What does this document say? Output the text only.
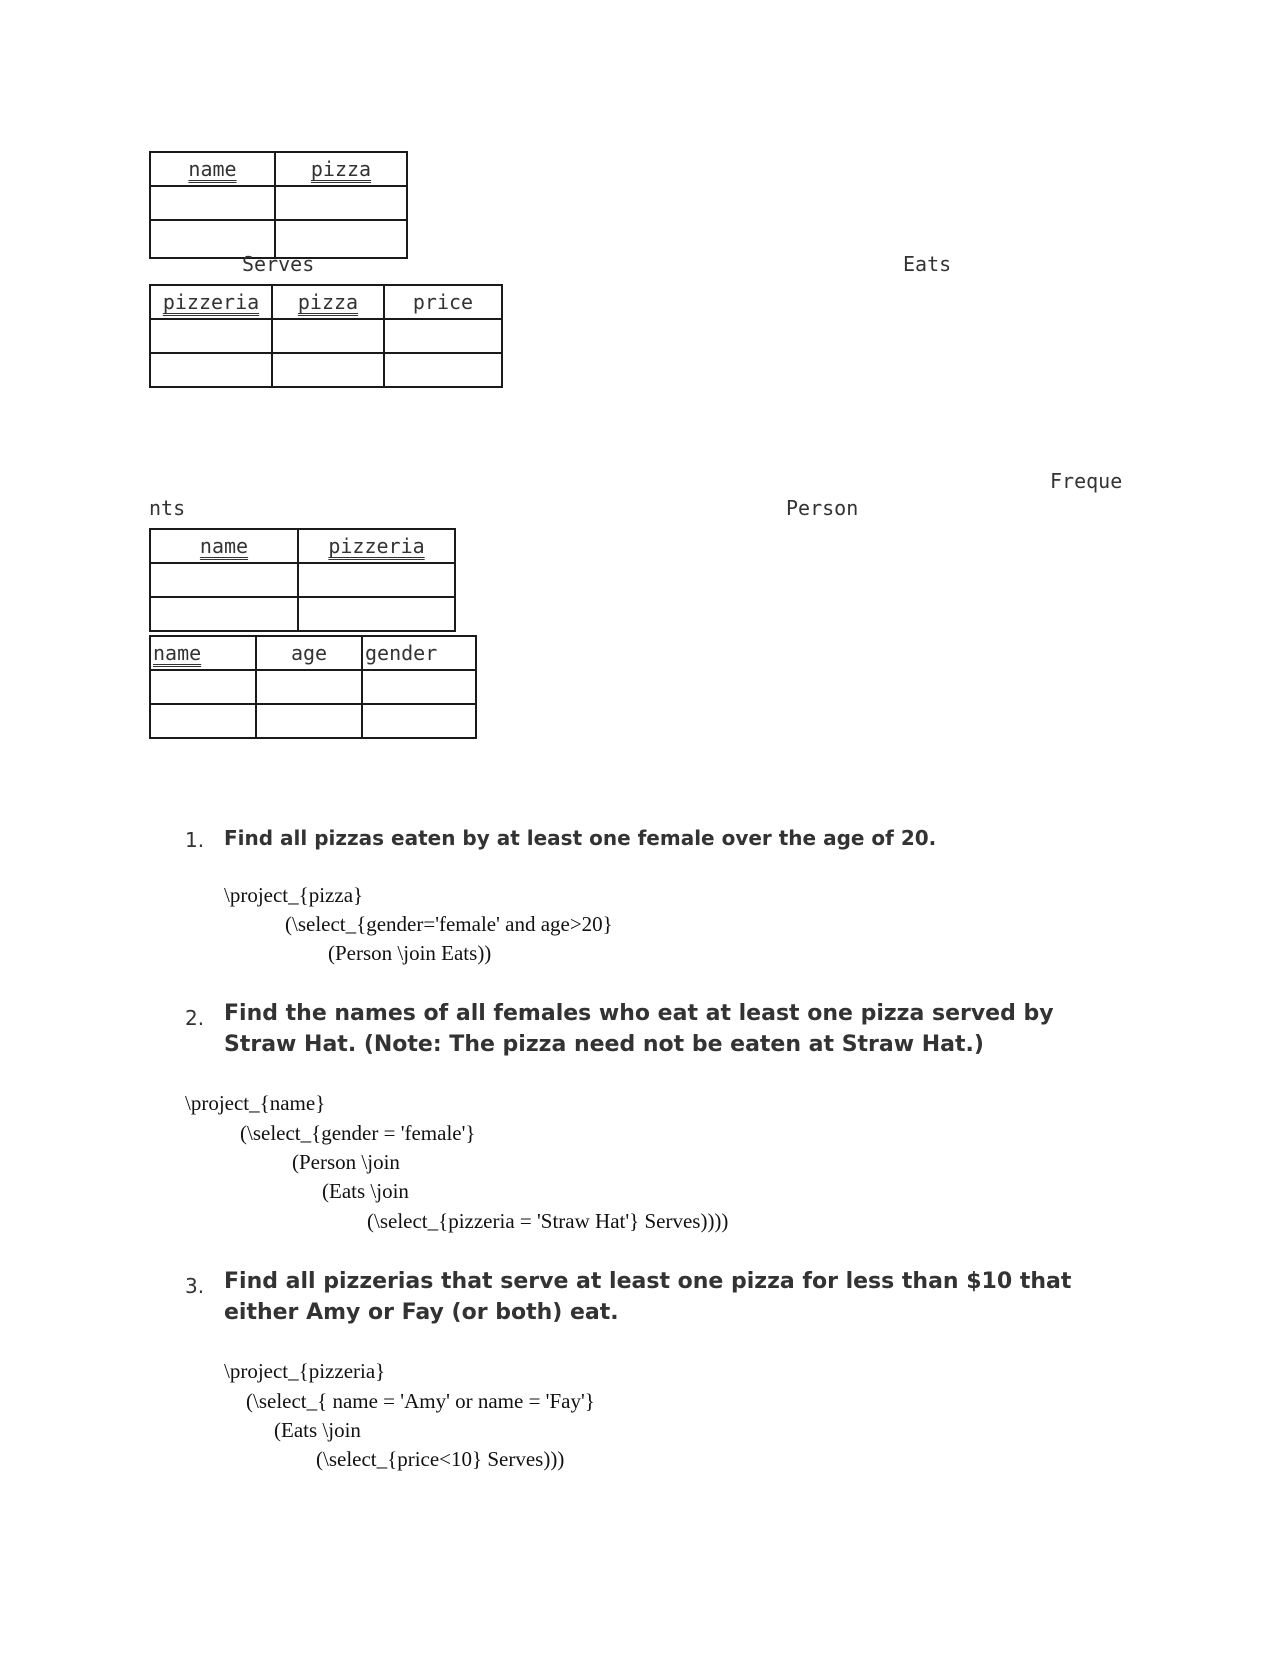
name	pizza

Serves	Eats
pizzeria	pizza	price

Freque
nts	Person
name	pizzeria

name	age	gender

1. Find all pizzas eaten by at least one female over the age of 20.
\project_{pizza}
(\select_{gender='female' and age>20}
(Person \join Eats))
2. Find the names of all females who eat at least one pizza served by Straw Hat. (Note: The pizza need not be eaten at Straw Hat.)
\project_{name}
(\select_{gender = 'female'}
(Person \join
(Eats \join
(\select_{pizzeria = 'Straw Hat'} Serves))))
3. Find all pizzerias that serve at least one pizza for less than $10 that either Amy or Fay (or both) eat.
\project_{pizzeria}
(\select_{ name = 'Amy' or name = 'Fay'}
(Eats \join
(\select_{price<10} Serves)))
